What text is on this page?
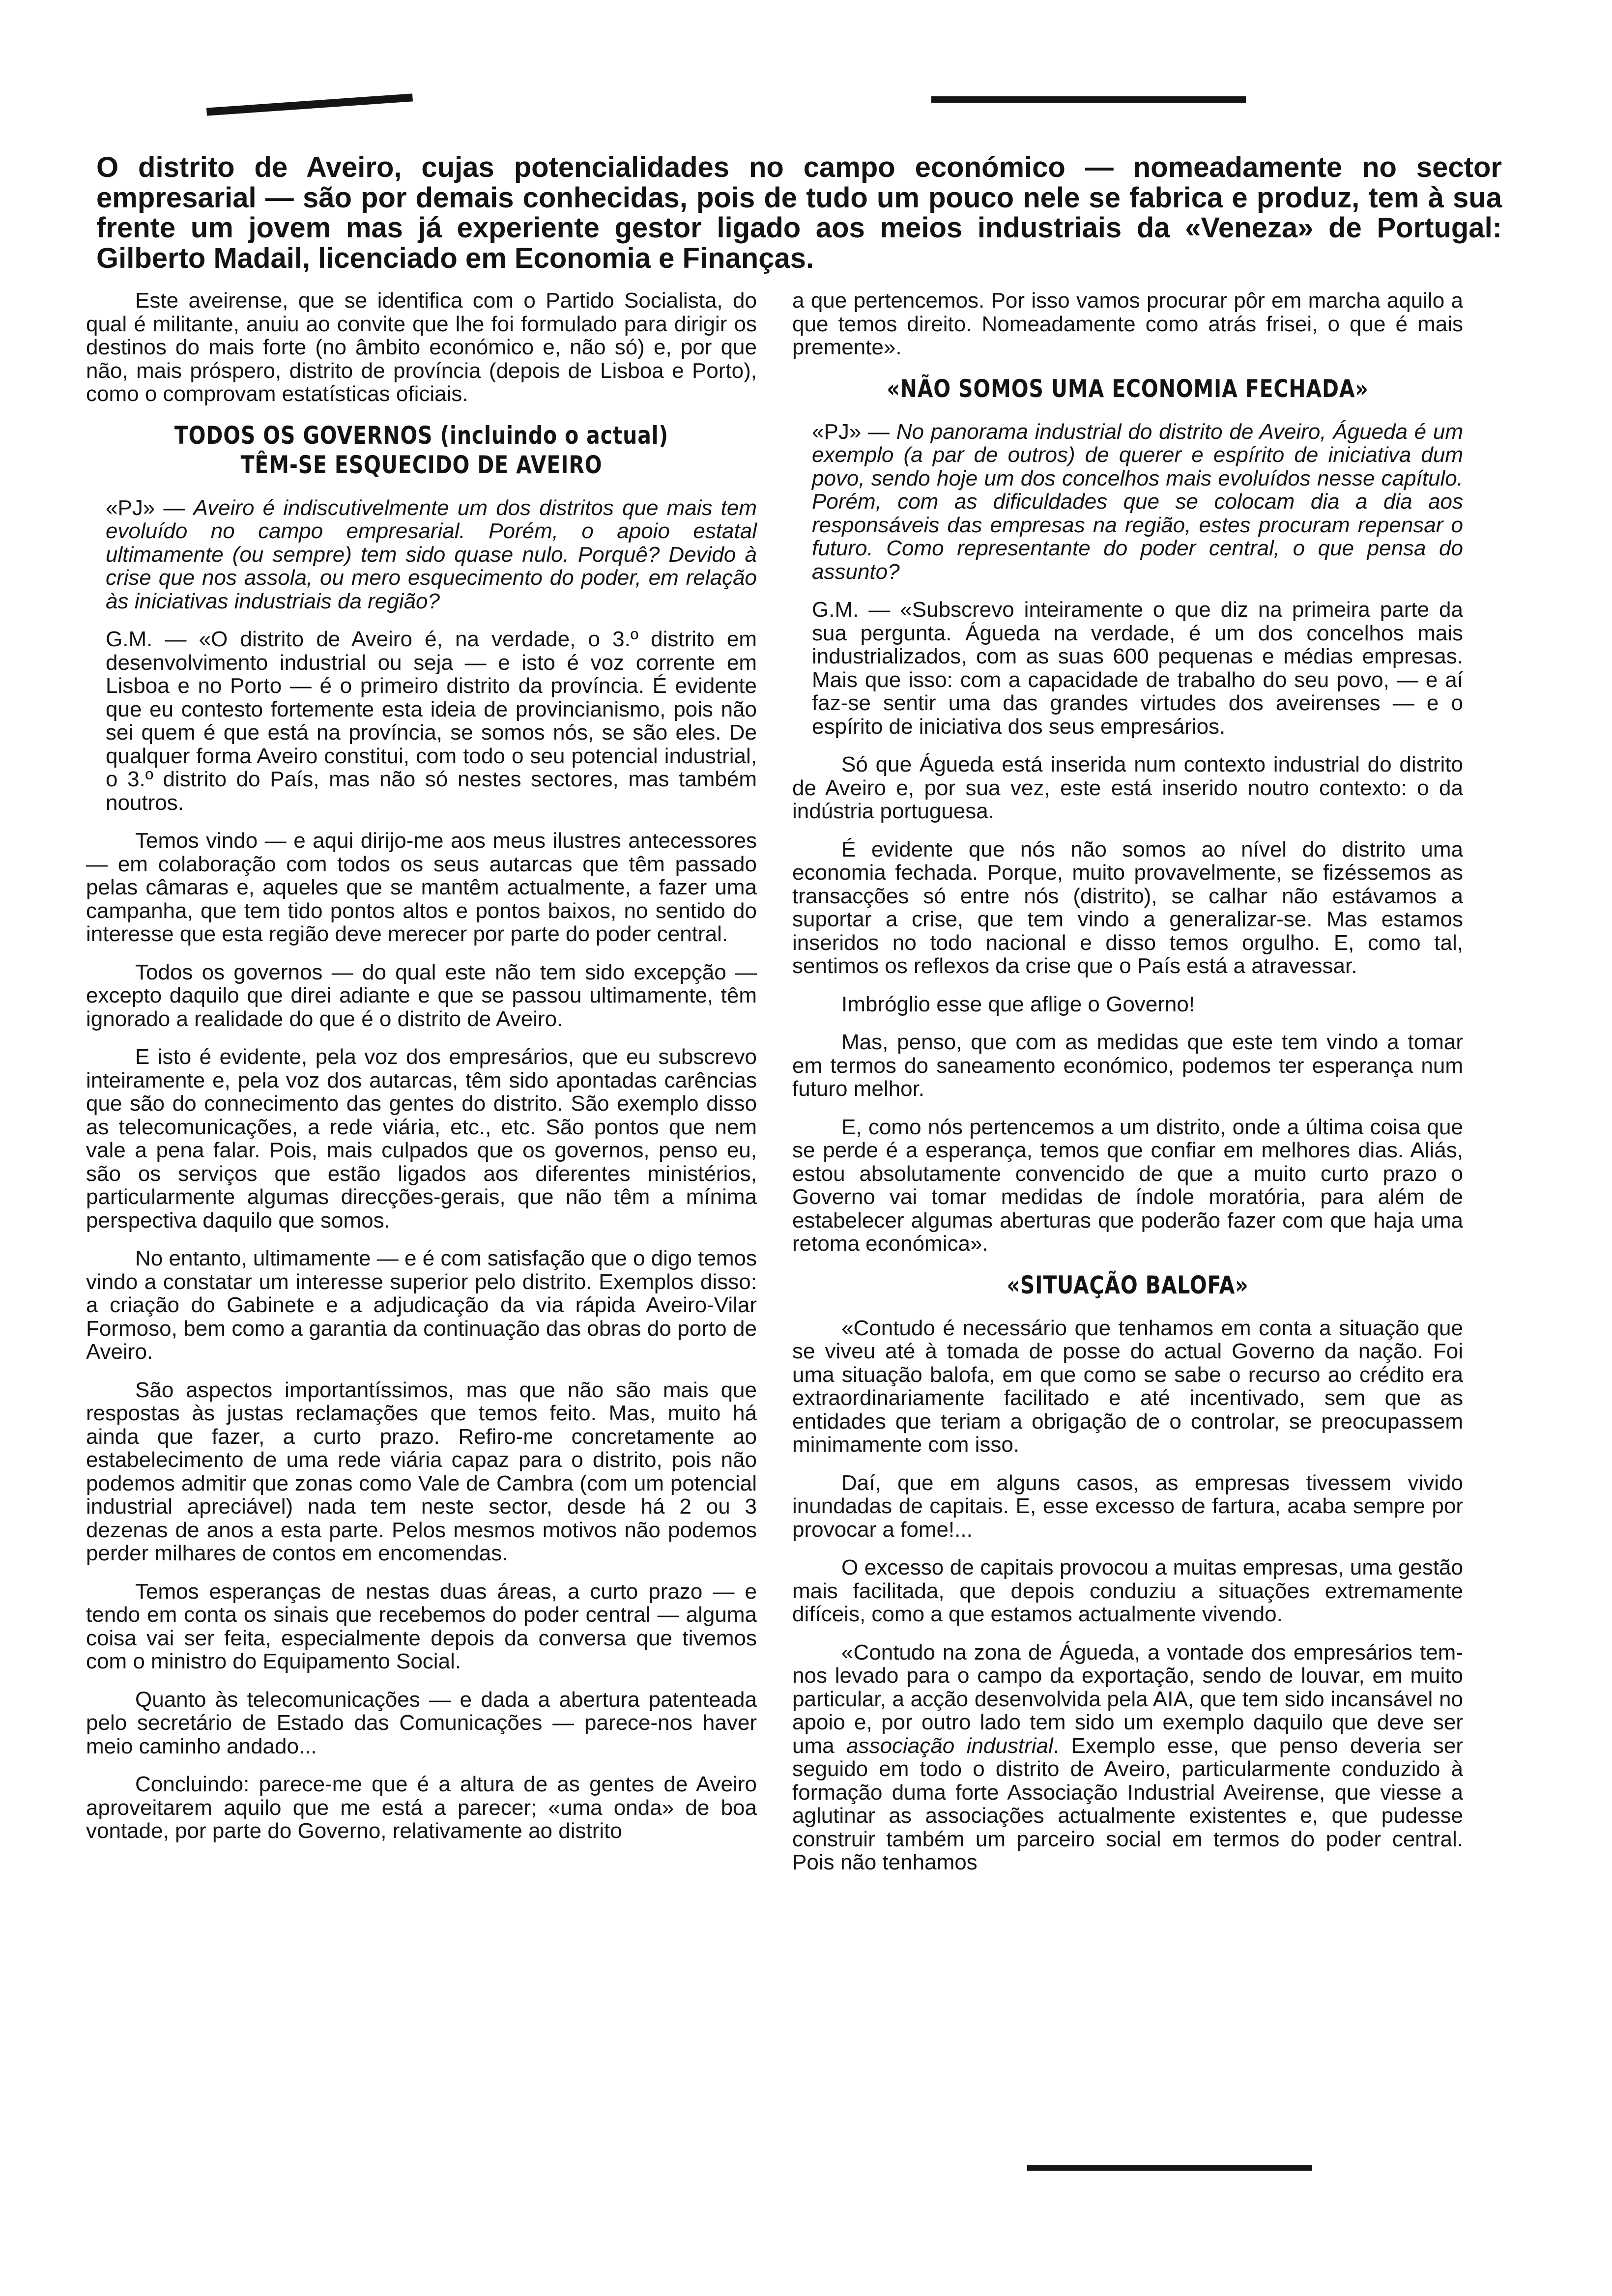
O distrito de Aveiro, cujas potencialidades no campo económico — nomeadamente no sector empresarial — são por demais conhecidas, pois de tudo um pouco nele se fabrica e produz, tem à sua frente um jovem mas já experiente gestor ligado aos meios industriais da «Veneza» de Portugal: Gilberto Madail, licenciado em Economia e Finanças.

Este aveirense, que se identifica com o Partido Socialista, do qual é militante, anuiu ao convite que lhe foi formulado para dirigir os destinos do mais forte (no âmbito económico e, não só) e, por que não, mais próspero, distrito de província (depois de Lisboa e Porto), como o comprovam estatísticas oficiais.

TODOS OS GOVERNOS (incluindo o actual)
TÊM-SE ESQUECIDO DE AVEIRO

«PJ» — Aveiro é indiscutivelmente um dos distritos que mais tem evoluído no campo empresarial. Porém, o apoio estatal ultimamente (ou sempre) tem sido quase nulo. Porquê? Devido à crise que nos assola, ou mero esquecimento do poder, em relação às iniciativas industriais da região?

G.M. — «O distrito de Aveiro é, na verdade, o 3.º distrito em desenvolvimento industrial ou seja — e isto é voz corrente em Lisboa e no Porto — é o primeiro distrito da província. É evidente que eu contesto fortemente esta ideia de provincianismo, pois não sei quem é que está na província, se somos nós, se são eles. De qualquer forma Aveiro constitui, com todo o seu potencial industrial, o 3.º distrito do País, mas não só nestes sectores, mas também noutros.

Temos vindo — e aqui dirijo-me aos meus ilustres antecessores — em colaboração com todos os seus autarcas que têm passado pelas câmaras e, aqueles que se mantêm actualmente, a fazer uma campanha, que tem tido pontos altos e pontos baixos, no sentido do interesse que esta região deve merecer por parte do poder central.

Todos os governos — do qual este não tem sido excepção — excepto daquilo que direi adiante e que se passou ultimamente, têm ignorado a realidade do que é o distrito de Aveiro.

E isto é evidente, pela voz dos empresários, que eu subscrevo inteiramente e, pela voz dos autarcas, têm sido apontadas carências que são do connecimento das gentes do distrito. São exemplo disso as telecomunicações, a rede viária, etc., etc. São pontos que nem vale a pena falar. Pois, mais culpados que os governos, penso eu, são os serviços que estão ligados aos diferentes ministérios, particularmente algumas direcções-gerais, que não têm a mínima perspectiva daquilo que somos.

No entanto, ultimamente — e é com satisfação que o digo temos vindo a constatar um interesse superior pelo distrito. Exemplos disso: a criação do Gabinete e a adjudicação da via rápida Aveiro-Vilar Formoso, bem como a garantia da continuação das obras do porto de Aveiro.

São aspectos importantíssimos, mas que não são mais que respostas às justas reclamações que temos feito. Mas, muito há ainda que fazer, a curto prazo. Refiro-me concretamente ao estabelecimento de uma rede viária capaz para o distrito, pois não podemos admitir que zonas como Vale de Cambra (com um potencial industrial apreciável) nada tem neste sector, desde há 2 ou 3 dezenas de anos a esta parte. Pelos mesmos motivos não podemos perder milhares de contos em encomendas.

Temos esperanças de nestas duas áreas, a curto prazo — e tendo em conta os sinais que recebemos do poder central — alguma coisa vai ser feita, especialmente depois da conversa que tivemos com o ministro do Equipamento Social.

Quanto às telecomunicações — e dada a abertura patenteada pelo secretário de Estado das Comunicações — parece-nos haver meio caminho andado...

Concluindo: parece-me que é a altura de as gentes de Aveiro aproveitarem aquilo que me está a parecer; «uma onda» de boa vontade, por parte do Governo, relativamente ao distrito

a que pertencemos. Por isso vamos procurar pôr em marcha aquilo a que temos direito. Nomeadamente como atrás frisei, o que é mais premente».

«NÃO SOMOS UMA ECONOMIA FECHADA»

«PJ» — No panorama industrial do distrito de Aveiro, Águeda é um exemplo (a par de outros) de querer e espírito de iniciativa dum povo, sendo hoje um dos concelhos mais evoluídos nesse capítulo. Porém, com as dificuldades que se colocam dia a dia aos responsáveis das empresas na região, estes procuram repensar o futuro. Como representante do poder central, o que pensa do assunto?

G.M. — «Subscrevo inteiramente o que diz na primeira parte da sua pergunta. Águeda na verdade, é um dos concelhos mais industrializados, com as suas 600 pequenas e médias empresas. Mais que isso: com a capacidade de trabalho do seu povo, — e aí faz-se sentir uma das grandes virtudes dos aveirenses — e o espírito de iniciativa dos seus empresários.

Só que Águeda está inserida num contexto industrial do distrito de Aveiro e, por sua vez, este está inserido noutro contexto: o da indústria portuguesa.

É evidente que nós não somos ao nível do distrito uma economia fechada. Porque, muito provavelmente, se fizéssemos as transacções só entre nós (distrito), se calhar não estávamos a suportar a crise, que tem vindo a generalizar-se. Mas estamos inseridos no todo nacional e disso temos orgulho. E, como tal, sentimos os reflexos da crise que o País está a atravessar.

Imbróglio esse que aflige o Governo!

Mas, penso, que com as medidas que este tem vindo a tomar em termos do saneamento económico, podemos ter esperança num futuro melhor.

E, como nós pertencemos a um distrito, onde a última coisa que se perde é a esperança, temos que confiar em melhores dias. Aliás, estou absolutamente convencido de que a muito curto prazo o Governo vai tomar medidas de índole moratória, para além de estabelecer algumas aberturas que poderão fazer com que haja uma retoma económica».

«SITUAÇÃO BALOFA»

«Contudo é necessário que tenhamos em conta a situação que se viveu até à tomada de posse do actual Governo da nação. Foi uma situação balofa, em que como se sabe o recurso ao crédito era extraordinariamente facilitado e até incentivado, sem que as entidades que teriam a obrigação de o controlar, se preocupassem minimamente com isso.

Daí, que em alguns casos, as empresas tivessem vivido inundadas de capitais. E, esse excesso de fartura, acaba sempre por provocar a fome!...

O excesso de capitais provocou a muitas empresas, uma gestão mais facilitada, que depois conduziu a situações extremamente difíceis, como a que estamos actualmente vivendo.

«Contudo na zona de Águeda, a vontade dos empresários tem-nos levado para o campo da exportação, sendo de louvar, em muito particular, a acção desenvolvida pela AIA, que tem sido incansável no apoio e, por outro lado tem sido um exemplo daquilo que deve ser uma associação industrial. Exemplo esse, que penso deveria ser seguido em todo o distrito de Aveiro, particularmente conduzido à formação duma forte Associação Industrial Aveirense, que viesse a aglutinar as associações actualmente existentes e, que pudesse construir também um parceiro social em termos do poder central. Pois não tenhamos
